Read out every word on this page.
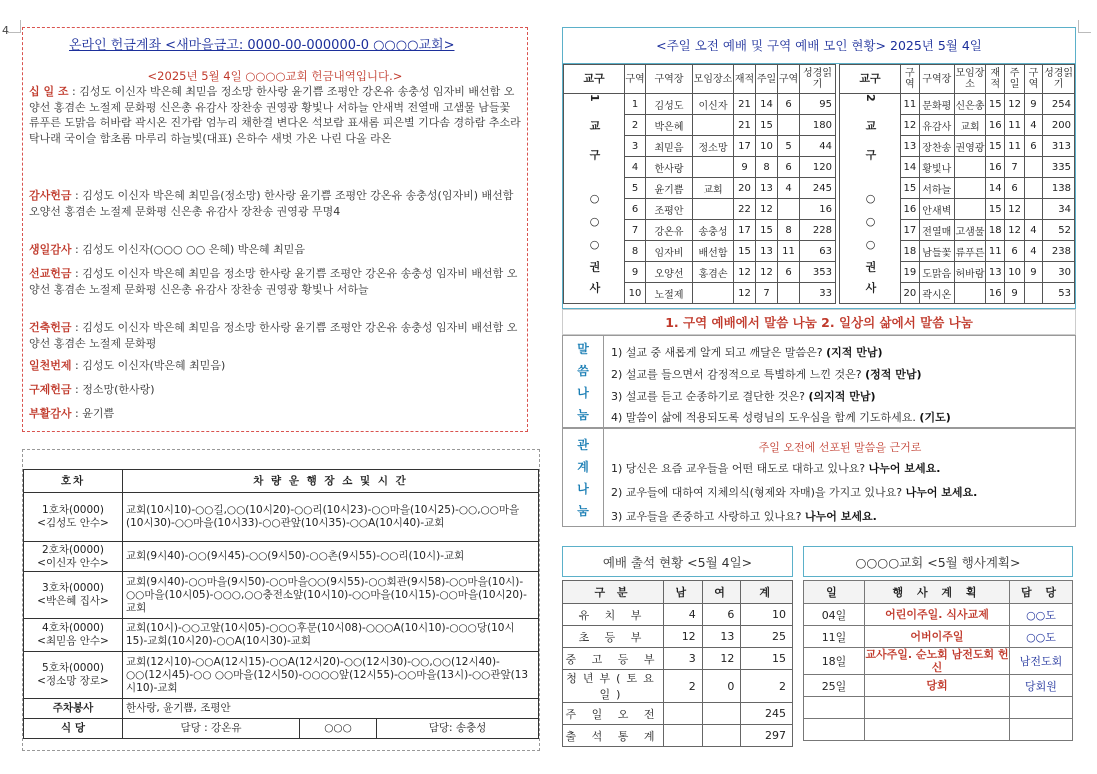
4
온라인 헌금계좌 <새마을금고: 0000-00-000000-0 ○○○○교회>
<2025년 5월 4일 ○○○○교회 헌금내역입니다.>
십 일 조 : 김성도 이신자 박은혜 최믿음 정소망 한사랑 윤기쁨 조평안 강온유 송충성 임자비 배선함 오양선 홍겸손 노절제 문화평 신은총 유감사 장찬송 권영광 황빛나 서하늘 안새벽 전열매 고샘물 남들꽃 류푸른 도맑음 허바람 곽시온 진가람 엄누리 채한결 변다온 석보람 표새롬 피은별 기다솜 경하람 추소라 탁나래 국이슬 함초롬 마루리 하늘빛(대표) 은하수 새벗 가온 나린 다올 라온
감사헌금 : 김성도 이신자 박은혜 최믿음(정소망) 한사랑 윤기쁨 조평안 강온유 송충성(임자비) 배선함 오양선 홍겸손 노절제 문화평 신은총 유감사 장찬송 권영광 무명4
생일감사 : 김성도 이신자(○○○ ○○ 은혜) 박은혜 최믿음
선교헌금 : 김성도 이신자 박은혜 최믿음 정소망 한사랑 윤기쁨 조평안 강온유 송충성 임자비 배선함 오양선 홍겸손 노절제 문화평 신은총 유감사 장찬송 권영광 황빛나 서하늘
건축헌금 : 김성도 이신자 박은혜 최믿음 정소망 한사랑 윤기쁨 조평안 강온유 송충성 임자비 배선함 오양선 홍겸손 노절제 문화평
일천번제 : 김성도 이신자(박은혜 최믿음)
구제헌금 : 정소망(한사랑)
부활감사 : 윤기쁨
호차	차 량 운 행 장 소 및 시 간		

1호차(0000)
<김성도 안수>	교회(10시10)-○○길,○○(10시20)-○○리(10시23)-○○마을(10시25)-○○,○○마을(10시30)-○○마을(10시33)-○○관앞(10시35)-○○A(10시40)-교회		

2호차(0000)
<이신자 안수>	교회(9시40)-○○(9시45)-○○(9시50)-○○촌(9시55)-○○리(10시)-교회		

3호차(0000)
<박은혜 집사>	교회(9시40)-○○마을(9시50)-○○마을○○(9시55)-○○회관(9시58)-○○마을(10시)-○○마을(10시05)-○○○,○○충전소앞(10시10)-○○마을(10시15)-○○마을(10시20)-교회		

4호차(0000)
<최믿음 안수>	교회(10시)-○○고앞(10시05)-○○○후문(10시08)-○○○A(10시10)-○○○당(10시15)-교회(10시20)-○○A(10시30)-교회		

5호차(0000)
<정소망 장로>	교회(12시10)-○○A(12시15)-○○A(12시20)-○○(12시30)-○○,○○(12시40)-○○(12시45)-○○ ○○마을(12시50)-○○○○앞(12시55)-○○마을(13시)-○○관앞(13시10)-교회		
주차봉사	한사랑, 윤기쁨, 조평안		
식 당	담당 : 강온유	○○○	담당: 송충성
<주일 오전 예배 및 구역 예배 모인 현황> 2025년 5월 4일
교구	구역	구역장	모임장소	재적	주일	구역	성경읽기

1교구
○○○권사	1	김성도	이신자	21	14	6	95
	2	박은혜		21	15		180
	3	최믿음	정소망	17	10	5	44
	4	한사랑		9	8	6	120
	5	윤기쁨	교회	20	13	4	245
	6	조평안		22	12		16
	7	강온유	송충성	17	15	8	228
	8	임자비	배선함	15	13	11	63
	9	오양선	홍겸손	12	12	6	353
	10	노절제		12	7		33
교구	구역	구역장	모임장소	재적	주일	구역	성경읽기

2교구
○○○권사	11	문화평	신은총	15	12	9	254
	12	유감사	교회	16	11	4	200
	13	장찬송	권영광	15	11	6	313
	14	황빛나		16	7		335
	15	서하늘		14	6		138
	16	안새벽		15	12		34
	17	전열매	고샘물	18	12	4	52
	18	남들꽃	류푸른	11	6	4	238
	19	도맑음	허바람	13	10	9	30
	20	곽시온		16	9		53
1. 구역 예배에서 말씀 나눔 2. 일상의 삶에서 말씀 나눔
말
씀
나
눔
1) 설교 중 새롭게 알게 되고 깨달은 말씀은? (지적 만남)
2) 설교를 들으면서 감정적으로 특별하게 느낀 것은? (정적 만남)
3) 설교를 듣고 순종하기로 결단한 것은? (의지적 만남)
4) 말씀이 삶에 적용되도록 성령님의 도우심을 함께 기도하세요. (기도)
관
계
나
눔
주일 오전에 선포된 말씀을 근거로
1) 당신은 요즘 교우들을 어떤 태도로 대하고 있나요? 나누어 보세요.
2) 교우들에 대하여 지체의식(형제와 자매)을 가지고 있나요? 나누어 보세요.
3) 교우들을 존중하고 사랑하고 있나요? 나누어 보세요.
예배 출석 현황 <5월 4일>
구 분	남	여	계
유 치 부	4	6	10
초 등 부	12	13	25
중 고 등 부	3	12	15
청년부(토요일)	2	0	2
주 일 오 전			245
출 석 통 계			297
○○○○교회 <5월 행사계획>
일	행 사 계 획	담 당
04일	어린이주일. 식사교제	○○도
11일	어버이주일	○○도
18일	교사주일. 순노회 남전도회 헌신	남전도회
25일	당회	당회원
